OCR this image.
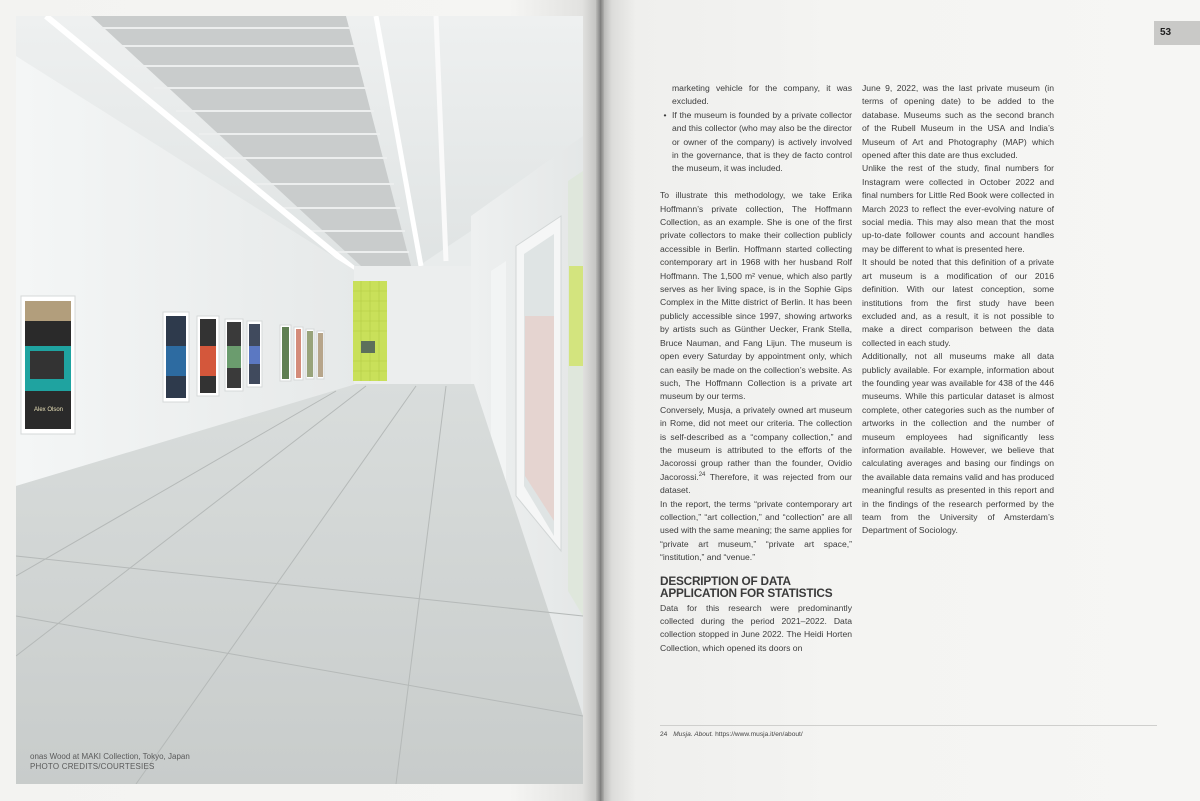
Alex Olson
onas Wood at MAKI Collection, Tokyo, Japan
PHOTO CREDITS/COURTESIES
53

marketing vehicle for the company, it was excluded.

• If the museum is founded by a private collector and this collector (who may also be the director or owner of the company) is actively involved in the governance, that is they de facto control the museum, it was included.

To illustrate this methodology, we take Erika Hoffmann’s private collection, The Hoffmann Collection, as an example. She is one of the first private collectors to make their collection publicly accessible in Berlin. Hoffmann started collecting contemporary art in 1968 with her husband Rolf Hoffmann. The 1,500 m² venue, which also partly serves as her living space, is in the Sophie Gips Complex in the Mitte district of Berlin. It has been publicly accessible since 1997, showing artworks by artists such as Günther Uecker, Frank Stella, Bruce Nauman, and Fang Lijun. The museum is open every Saturday by appointment only, which can easily be made on the collection’s website. As such, The Hoffmann Collection is a private art museum by our terms.

Conversely, Musja, a privately owned art museum in Rome, did not meet our criteria. The collection is self-described as a “company collection,” and the museum is attributed to the efforts of the Jacorossi group rather than the founder, Ovidio Jacorossi.$^{24}$ Therefore, it was rejected from our dataset.

In the report, the terms “private contemporary art collection,” “art collection,” and “collection” are all used with the same meaning; the same applies for “private art museum,” “private art space,” “institution,” and “venue.”

DESCRIPTION OF DATA
APPLICATION FOR STATISTICS

Data for this research were predominantly collected during the period 2021–2022. Data collection stopped in June 2022. The Heidi Horten Collection, which opened its doors on

June 9, 2022, was the last private museum (in terms of opening date) to be added to the database. Museums such as the second branch of the Rubell Museum in the USA and India’s Museum of Art and Photography (MAP) which opened after this date are thus excluded.

Unlike the rest of the study, final numbers for Instagram were collected in October 2022 and final numbers for Little Red Book were collected in March 2023 to reflect the ever-evolving nature of social media. This may also mean that the most up-to-date follower counts and account handles may be different to what is presented here.

It should be noted that this definition of a private art museum is a modification of our 2016 definition. With our latest conception, some institutions from the first study have been excluded and, as a result, it is not possible to make a direct comparison between the data collected in each study.

Additionally, not all museums make all data publicly available. For example, information about the founding year was available for 438 of the 446 museums. While this particular dataset is almost complete, other categories such as the number of artworks in the collection and the number of museum employees had significantly less information available. However, we believe that calculating averages and basing our findings on the available data remains valid and has produced meaningful results as presented in this report and in the findings of the research performed by the team from the University of Amsterdam’s Department of Sociology.

24 Musja. About. https://www.musja.it/en/about/
